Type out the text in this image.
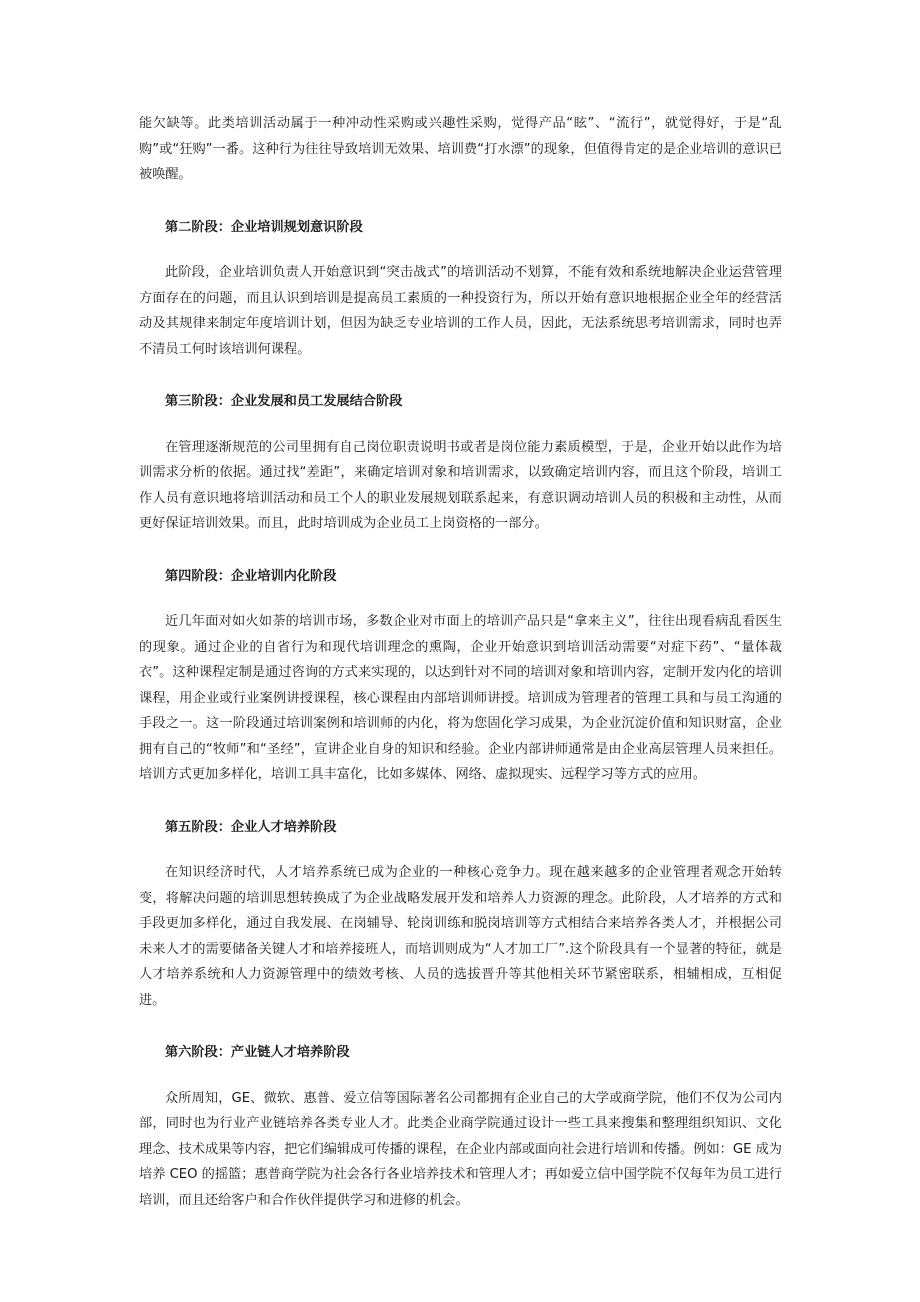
能欠缺等。此类培训活动属于一种冲动性采购或兴趣性采购，觉得产品“眩”、“流行”，就觉得好，于是“乱购”或“狂购”一番。这种行为往往导致培训无效果、培训费“打水漂”的现象，但值得肯定的是企业培训的意识已被唤醒。

第二阶段：企业培训规划意识阶段

此阶段，企业培训负责人开始意识到“突击战式”的培训活动不划算，不能有效和系统地解决企业运营管理方面存在的问题，而且认识到培训是提高员工素质的一种投资行为，所以开始有意识地根据企业全年的经营活动及其规律来制定年度培训计划，但因为缺乏专业培训的工作人员，因此，无法系统思考培训需求，同时也弄不清员工何时该培训何课程。

第三阶段：企业发展和员工发展结合阶段

在管理逐渐规范的公司里拥有自己岗位职责说明书或者是岗位能力素质模型，于是，企业开始以此作为培训需求分析的依据。通过找“差距”，来确定培训对象和培训需求，以致确定培训内容，而且这个阶段，培训工作人员有意识地将培训活动和员工个人的职业发展规划联系起来，有意识调动培训人员的积极和主动性，从而更好保证培训效果。而且，此时培训成为企业员工上岗资格的一部分。

第四阶段：企业培训内化阶段

近几年面对如火如荼的培训市场，多数企业对市面上的培训产品只是“拿来主义”，往往出现看病乱看医生的现象。通过企业的自省行为和现代培训理念的熏陶，企业开始意识到培训活动需要“对症下药”、“量体裁衣”。这种课程定制是通过咨询的方式来实现的，以达到针对不同的培训对象和培训内容，定制开发内化的培训课程，用企业或行业案例讲授课程，核心课程由内部培训师讲授。培训成为管理者的管理工具和与员工沟通的手段之一。这一阶段通过培训案例和培训师的内化，将为您固化学习成果，为企业沉淀价值和知识财富，企业拥有自己的“牧师”和“圣经”，宣讲企业自身的知识和经验。企业内部讲师通常是由企业高层管理人员来担任。培训方式更加多样化，培训工具丰富化，比如多媒体、网络、虚拟现实、远程学习等方式的应用。

第五阶段：企业人才培养阶段

在知识经济时代，人才培养系统已成为企业的一种核心竞争力。现在越来越多的企业管理者观念开始转变，将解决问题的培训思想转换成了为企业战略发展开发和培养人力资源的理念。此阶段，人才培养的方式和手段更加多样化，通过自我发展、在岗辅导、轮岗训练和脱岗培训等方式相结合来培养各类人才，并根据公司未来人才的需要储备关键人才和培养接班人，而培训则成为“人才加工厂”.这个阶段具有一个显著的特征，就是人才培养系统和人力资源管理中的绩效考核、人员的选拔晋升等其他相关环节紧密联系，相辅相成，互相促进。

第六阶段：产业链人才培养阶段

众所周知，GE、微软、惠普、爱立信等国际著名公司都拥有企业自己的大学或商学院，他们不仅为公司内部，同时也为行业产业链培养各类专业人才。此类企业商学院通过设计一些工具来搜集和整理组织知识、文化理念、技术成果等内容，把它们编辑成可传播的课程，在企业内部或面向社会进行培训和传播。例如：GE 成为培养 CEO 的摇篮；惠普商学院为社会各行各业培养技术和管理人才；再如爱立信中国学院不仅每年为员工进行培训，而且还给客户和合作伙伴提供学习和进修的机会。
